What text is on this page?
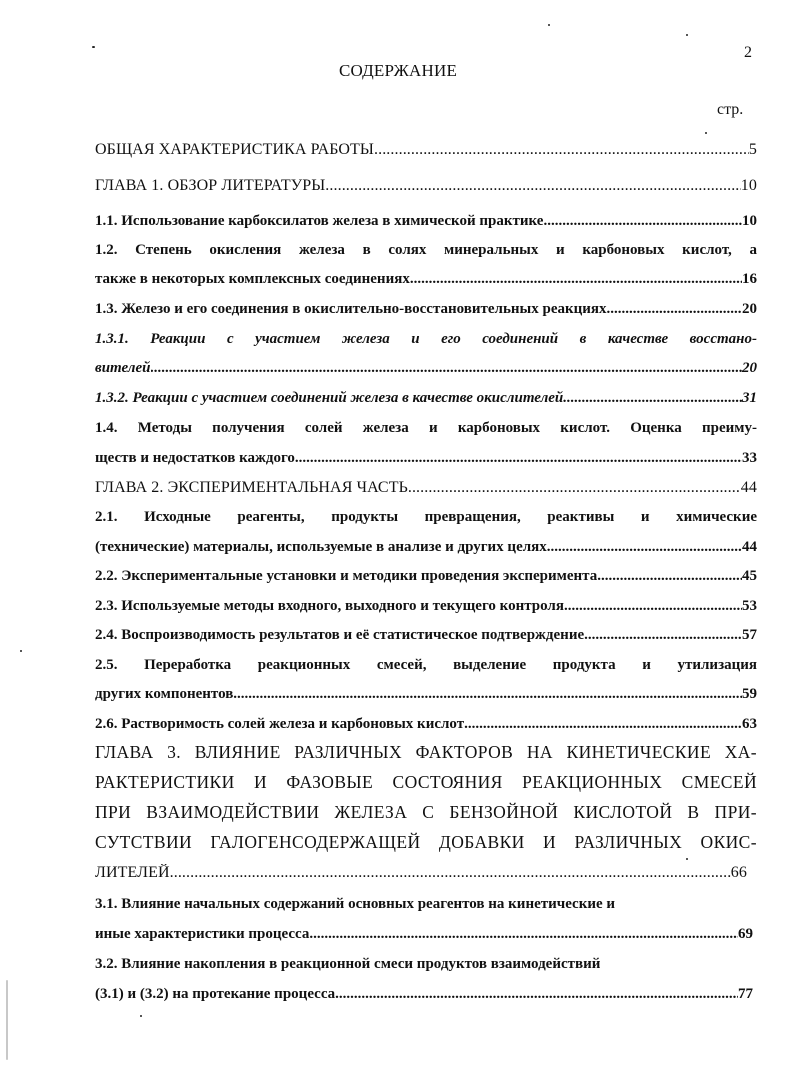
2
СОДЕРЖАНИЕ
стр.
ОБЩАЯ ХАРАКТЕРИСТИКА РАБОТЫ .....	5
ГЛАВА 1. ОБЗОР ЛИТЕРАТУРЫ .....	10
1.1. Использование карбоксилатов железа в химической практике .....	10
1.2. Степень окисления железа в солях минеральных и карбоновых кислот, а
также в некоторых комплексных соединениях .....	16
1.3. Железо и его соединения в окислительно-восстановительных реакциях .....	20
1.3.1. Реакции с участием железа и его соединений в качестве восстано-
вителей .....	20
1.3.2. Реакции с участием соединений железа в качестве окислителей .....	31
1.4. Методы получения солей железа и карбоновых кислот. Оценка преиму-
ществ и недостатков каждого .....	33
ГЛАВА 2. ЭКСПЕРИМЕНТАЛЬНАЯ ЧАСТЬ .....	44
2.1. Исходные реагенты, продукты превращения, реактивы и химические
(технические) материалы, используемые в анализе и других целях .....	44
2.2. Экспериментальные установки и методики проведения эксперимента .....	45
2.3. Используемые методы входного, выходного и текущего контроля .....	53
2.4. Воспроизводимость результатов и её статистическое подтверждение .....	57
2.5. Переработка реакционных смесей, выделение продукта и утилизация
других компонентов .....	59
2.6. Растворимость солей железа и карбоновых кислот .....	63
ГЛАВА 3. ВЛИЯНИЕ РАЗЛИЧНЫХ ФАКТОРОВ НА КИНЕТИЧЕСКИЕ ХА-
РАКТЕРИСТИКИ И ФАЗОВЫЕ СОСТОЯНИЯ РЕАКЦИОННЫХ СМЕСЕЙ
ПРИ ВЗАИМОДЕЙСТВИИ ЖЕЛЕЗА С БЕНЗОЙНОЙ КИСЛОТОЙ В ПРИ-
СУТСТВИИ ГАЛОГЕНСОДЕРЖАЩЕЙ ДОБАВКИ И РАЗЛИЧНЫХ ОКИС-
ЛИТЕЛЕЙ .....	66
3.1. Влияние начальных содержаний основных реагентов на кинетические и
иные характеристики процесса .....	69
3.2. Влияние накопления в реакционной смеси продуктов взаимодействий
(3.1) и (3.2) на протекание процесса .....	77
